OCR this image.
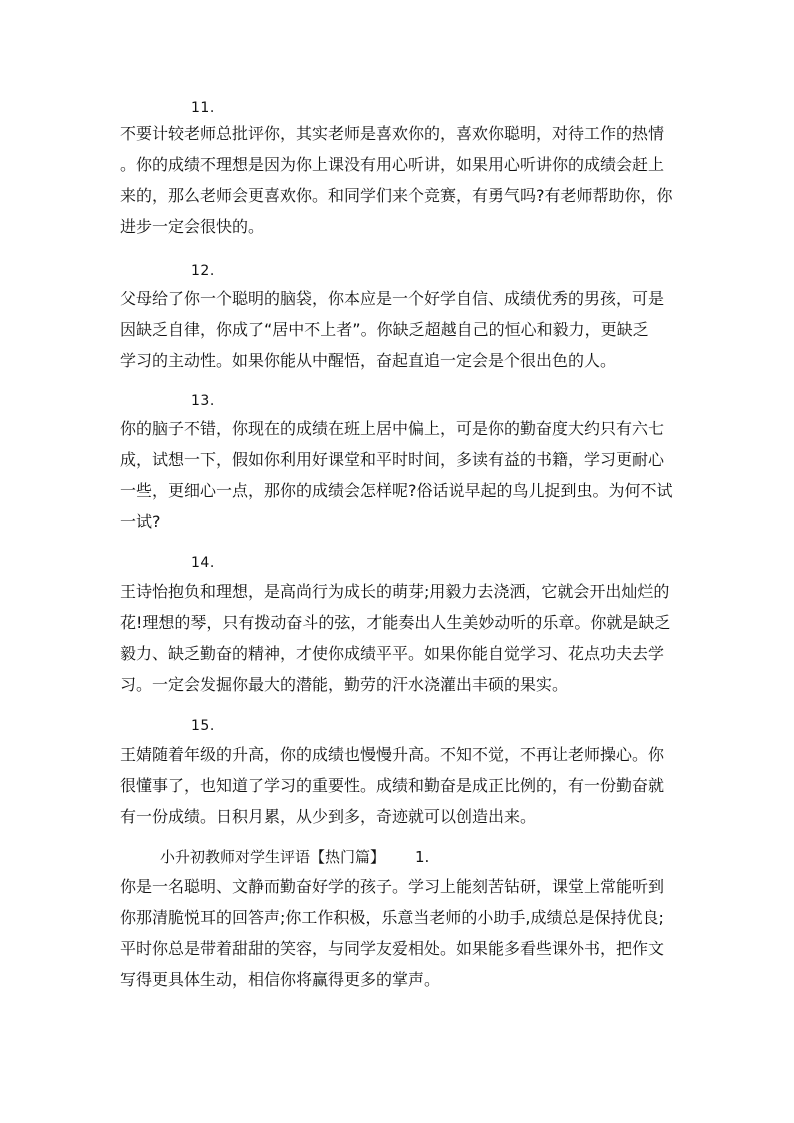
11.
不要计较老师总批评你，其实老师是喜欢你的，喜欢你聪明，对待工作的热情
。你的成绩不理想是因为你上课没有用心听讲，如果用心听讲你的成绩会赶上
来的，那么老师会更喜欢你。和同学们来个竞赛，有勇气吗?有老师帮助你，你
进步一定会很快的。
12.
父母给了你一个聪明的脑袋，你本应是一个好学自信、成绩优秀的男孩，可是
因缺乏自律，你成了“居中不上者”。你缺乏超越自己的恒心和毅力，更缺乏
学习的主动性。如果你能从中醒悟，奋起直追一定会是个很出色的人。
13.
你的脑子不错，你现在的成绩在班上居中偏上，可是你的勤奋度大约只有六七
成，试想一下，假如你利用好课堂和平时时间，多读有益的书籍，学习更耐心
一些，更细心一点，那你的成绩会怎样呢?俗话说早起的鸟儿捉到虫。为何不试
一试?
14.
王诗怡抱负和理想，是高尚行为成长的萌芽;用毅力去浇洒，它就会开出灿烂的
花!理想的琴，只有拨动奋斗的弦，才能奏出人生美妙动听的乐章。你就是缺乏
毅力、缺乏勤奋的精神，才使你成绩平平。如果你能自觉学习、花点功夫去学
习。一定会发掘你最大的潜能，勤劳的汗水浇灌出丰硕的果实。
15.
王婧随着年级的升高，你的成绩也慢慢升高。不知不觉，不再让老师操心。你
很懂事了，也知道了学习的重要性。成绩和勤奋是成正比例的，有一份勤奋就
有一份成绩。日积月累，从少到多，奇迹就可以创造出来。
小升初教师对学生评语【热门篇】 1.
你是一名聪明、文静而勤奋好学的孩子。学习上能刻苦钻研，课堂上常能听到
你那清脆悦耳的回答声;你工作积极，乐意当老师的小助手,成绩总是保持优良;
平时你总是带着甜甜的笑容，与同学友爱相处。如果能多看些课外书，把作文
写得更具体生动，相信你将赢得更多的掌声。
